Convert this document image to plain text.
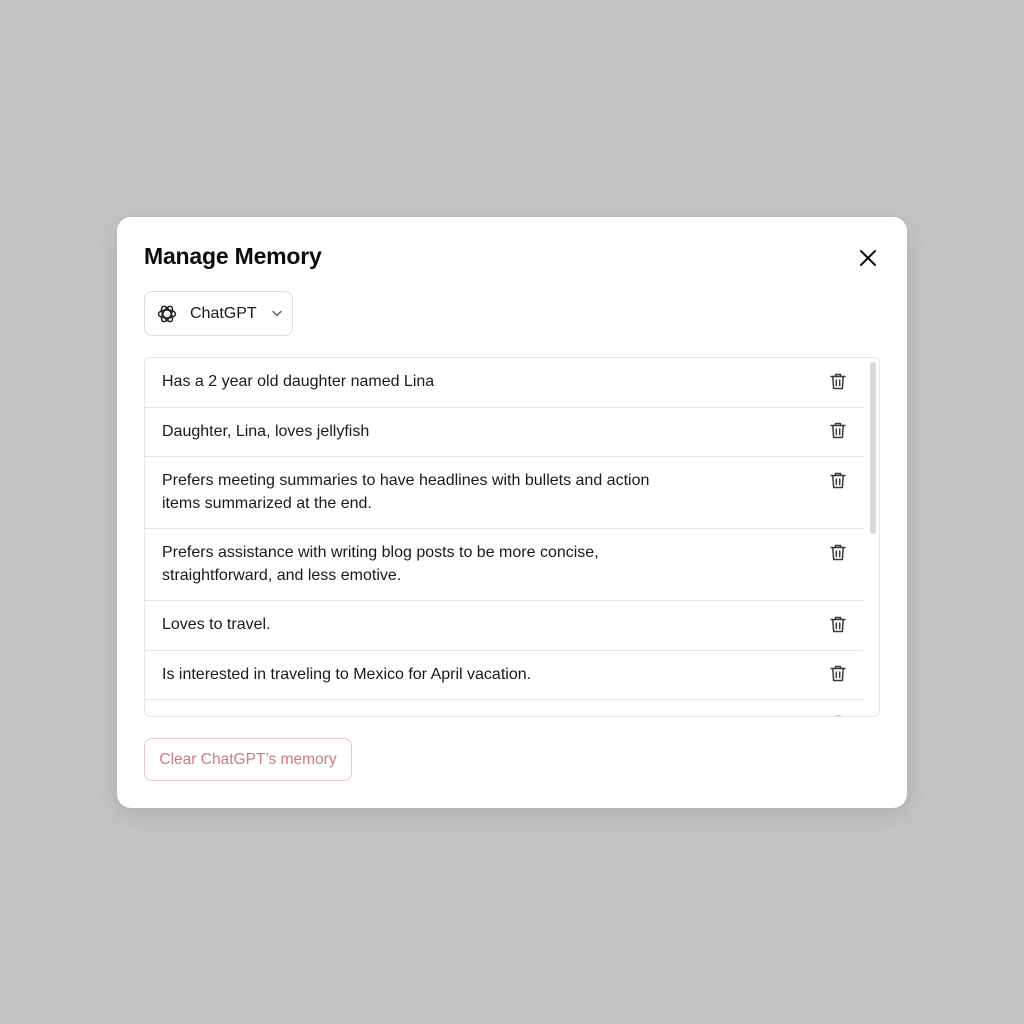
Manage Memory
ChatGPT
Has a 2 year old daughter named Lina
Daughter, Lina, loves jellyfish
Prefers meeting summaries to have headlines with bullets and action items summarized at the end.
Prefers assistance with writing blog posts to be more concise, straightforward, and less emotive.
Loves to travel.
Is interested in traveling to Mexico for April vacation.
Clear ChatGPT’s memory
